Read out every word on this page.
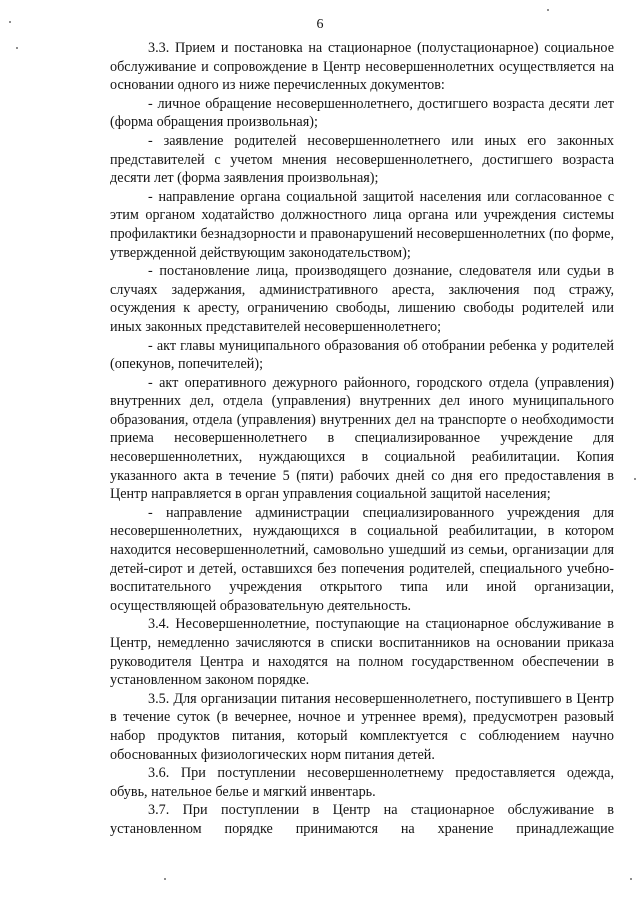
6

3.3. Прием и постановка на стационарное (полустационарное) социальное обслуживание и сопровождение в Центр несовершеннолетних осуществляется на основании одного из ниже перечисленных документов:

- личное обращение несовершеннолетнего, достигшего возраста десяти лет (форма обращения произвольная);

- заявление родителей несовершеннолетнего или иных его законных представителей с учетом мнения несовершеннолетнего, достигшего возраста десяти лет (форма заявления произвольная);

- направление органа социальной защитой населения или согласованное с этим органом ходатайство должностного лица органа или учреждения системы профилактики безнадзорности и правонарушений несовершеннолетних (по форме, утвержденной действующим законодательством);

- постановление лица, производящего дознание, следователя или судьи в случаях задержания, административного ареста, заключения под стражу, осуждения к аресту, ограничению свободы, лишению свободы родителей или иных законных представителей несовершеннолетнего;

- акт главы муниципального образования об отобрании ребенка у родителей (опекунов, попечителей);

- акт оперативного дежурного районного, городского отдела (управления) внутренних дел, отдела (управления) внутренних дел иного муниципального образования, отдела (управления) внутренних дел на транспорте о необходимости приема несовершеннолетнего в специализированное учреждение для несовершеннолетних, нуждающихся в социальной реабилитации. Копия указанного акта в течение 5 (пяти) рабочих дней со дня его предоставления в Центр направляется в орган управления социальной защитой населения;

- направление администрации специализированного учреждения для несовершеннолетних, нуждающихся в социальной реабилитации, в котором находится несовершеннолетний, самовольно ушедший из семьи, организации для детей-сирот и детей, оставшихся без попечения родителей, специального учебно-воспитательного учреждения открытого типа или иной организации, осуществляющей образовательную деятельность.

3.4. Несовершеннолетние, поступающие на стационарное обслуживание в Центр, немедленно зачисляются в списки воспитанников на основании приказа руководителя Центра и находятся на полном государственном обеспечении в установленном законом порядке.

3.5. Для организации питания несовершеннолетнего, поступившего в Центр в течение суток (в вечернее, ночное и утреннее время), предусмотрен разовый набор продуктов питания, который комплектуется с соблюдением научно обоснованных физиологических норм питания детей.

3.6. При поступлении несовершеннолетнему предоставляется одежда, обувь, нательное белье и мягкий инвентарь.

3.7. При поступлении в Центр на стационарное обслуживание в установленном порядке принимаются на хранение принадлежащие
